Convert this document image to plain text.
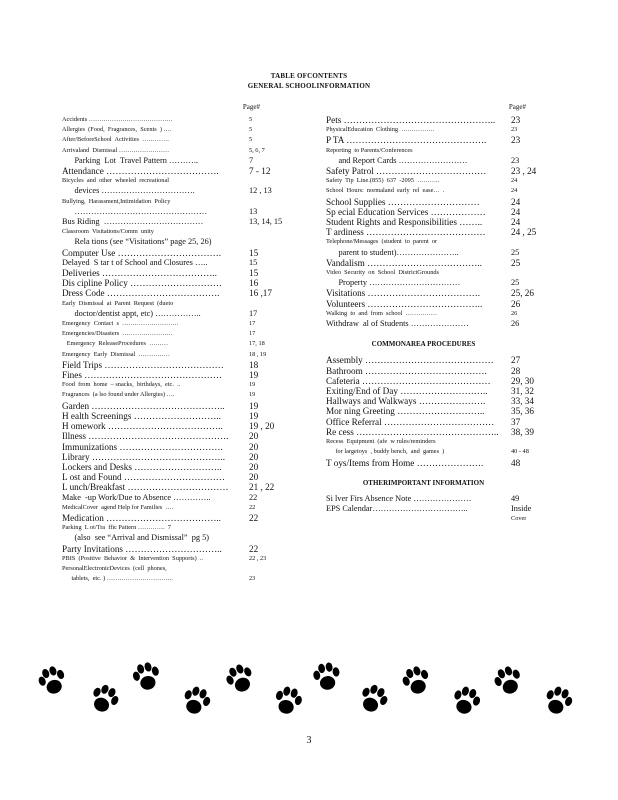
TABLE OFCONTENTS
GENERAL SCHOOLINFORMATION
Page#
Accidents ………………………………….	5
Allergies  (Food,  Fragrances,  Scents  ) ….	5
After/BeforeSchool  Activities  ………….	5
Arrivaland  Dismissal ……………………	5, 6, 7
Parking  Lot  Travel Pattern ………..	7
Attendance ……………………………….	7 - 12
Bicycles  and  other  wheeled  recreational
devices …………………………….	12 , 13
Bullying,  Harassment,Intimidation  Policy
…………………………………………	13
Bus Riding  ………………………………	13, 14, 15
Classroom  Visitations/Comm  unity
Rela tions (see “Visitations” page 25, 26)
Computer Use …………………………….	15
Delayed  S tar t of School and Closures …..	15
Deliveries ………………………………..	15
Dis cipline Policy …………………………	16
Dress Code ……………………………….	16 ,17
Early  Dismissal  at  Parent  Request  (dueto
doctor/dentist appt, etc) ……………..	17
Emergency  Contact  s  ………………………	17
Emergencies/Disasters  ……………………	17
Emergency  ReleaseProcedures  ………	17, 18
Emergency  Early  Dismissal  ……………	18 , 19
Field Trips …………………………………	18
Fines ………………………………………	19
Food  from  home  – snacks,  birthdays,  etc.  ..	19
Fragrances  (a lso found under Allergies) ….	19
Garden ……………………………………..	19
H ealth Screenings ………………………..	19
H omework ………………………………..	19 , 20
Illness ……………………………………….	20
Immunizations …………………………….	20
Library ……………………………………..	20
Lockers and Desks ………………………..	20
L ost and Found ……………………………	20
L unch/Breakfast ……………………………	21 , 22
Make  -up Work/Due to Absence …………..	22
MedicalCover  agend Help for Families  ….	22
Medication ………………………………..	22
Parking  L ot/Tra  ffic Pattern ………….  7
(also  see “Arrival and Dismissal”  pg 5)
Party Invitations …………………………..	22
PBIS  (Positive  Behavior  &  Intervention  Supports)  ..	22 , 23
PersonalElectronicDevices  (cell  phones,
tablets,  etc. ) …………………………..	23
Page#
Pets …………………………………………..	23
PhysicalEducation  Clothing  …………….	23
P TA ……………………………………….	23
Reporting  to Parents/Conferences
and Report Cards …………………….	23
Safety Patrol ………………………………	23 , 24
Safety  Tip  Line.(855)  637  -2095  ………..	24
School  Hours:  normaland  early  rel  ease…  .	24
School Supplies …………………………	24
Sp ecial Education Services ………………	24
Student Rights and Responsibilities ……..	24
T ardiness …………………………………	24 , 25
Telephone/Messages  (student  to  parent  or
parent to student)…………………..	25
Vandalism ………………………………..	25
Video  Security  on  School  DistrictGrounds
Property ……………………………	25
Visitations ……………………………….	25, 26
Volunteers ………………………………..	26
Walking  to  and  from  school  ……………	26
Withdraw  al of Students …………………	26
COMMONAREA PROCEDURES
Assembly ……………………………………	27
Bathroom ………………………………….	28
Cafeteria ……………………………………	29, 30
Exiting/End of Day ………………………..	31, 32
Hallways and Walkways ………………….	33, 34
Mor ning Greeting ………………………..	35, 36
Office Referral ………………………………	37
Re cess ………………………………………..	38, 39
Recess  Equipment  (afe  w rules/reminders
for largetoys  , buddy bench,  and  games  )	40 - 48
T oys/Items from Home ………………….	48
OTHERIMPORTANT INFORMATION
Si lver Firs Absence Note …………………	49
EPS Calendar……………………………..	Inside
Cover
3
